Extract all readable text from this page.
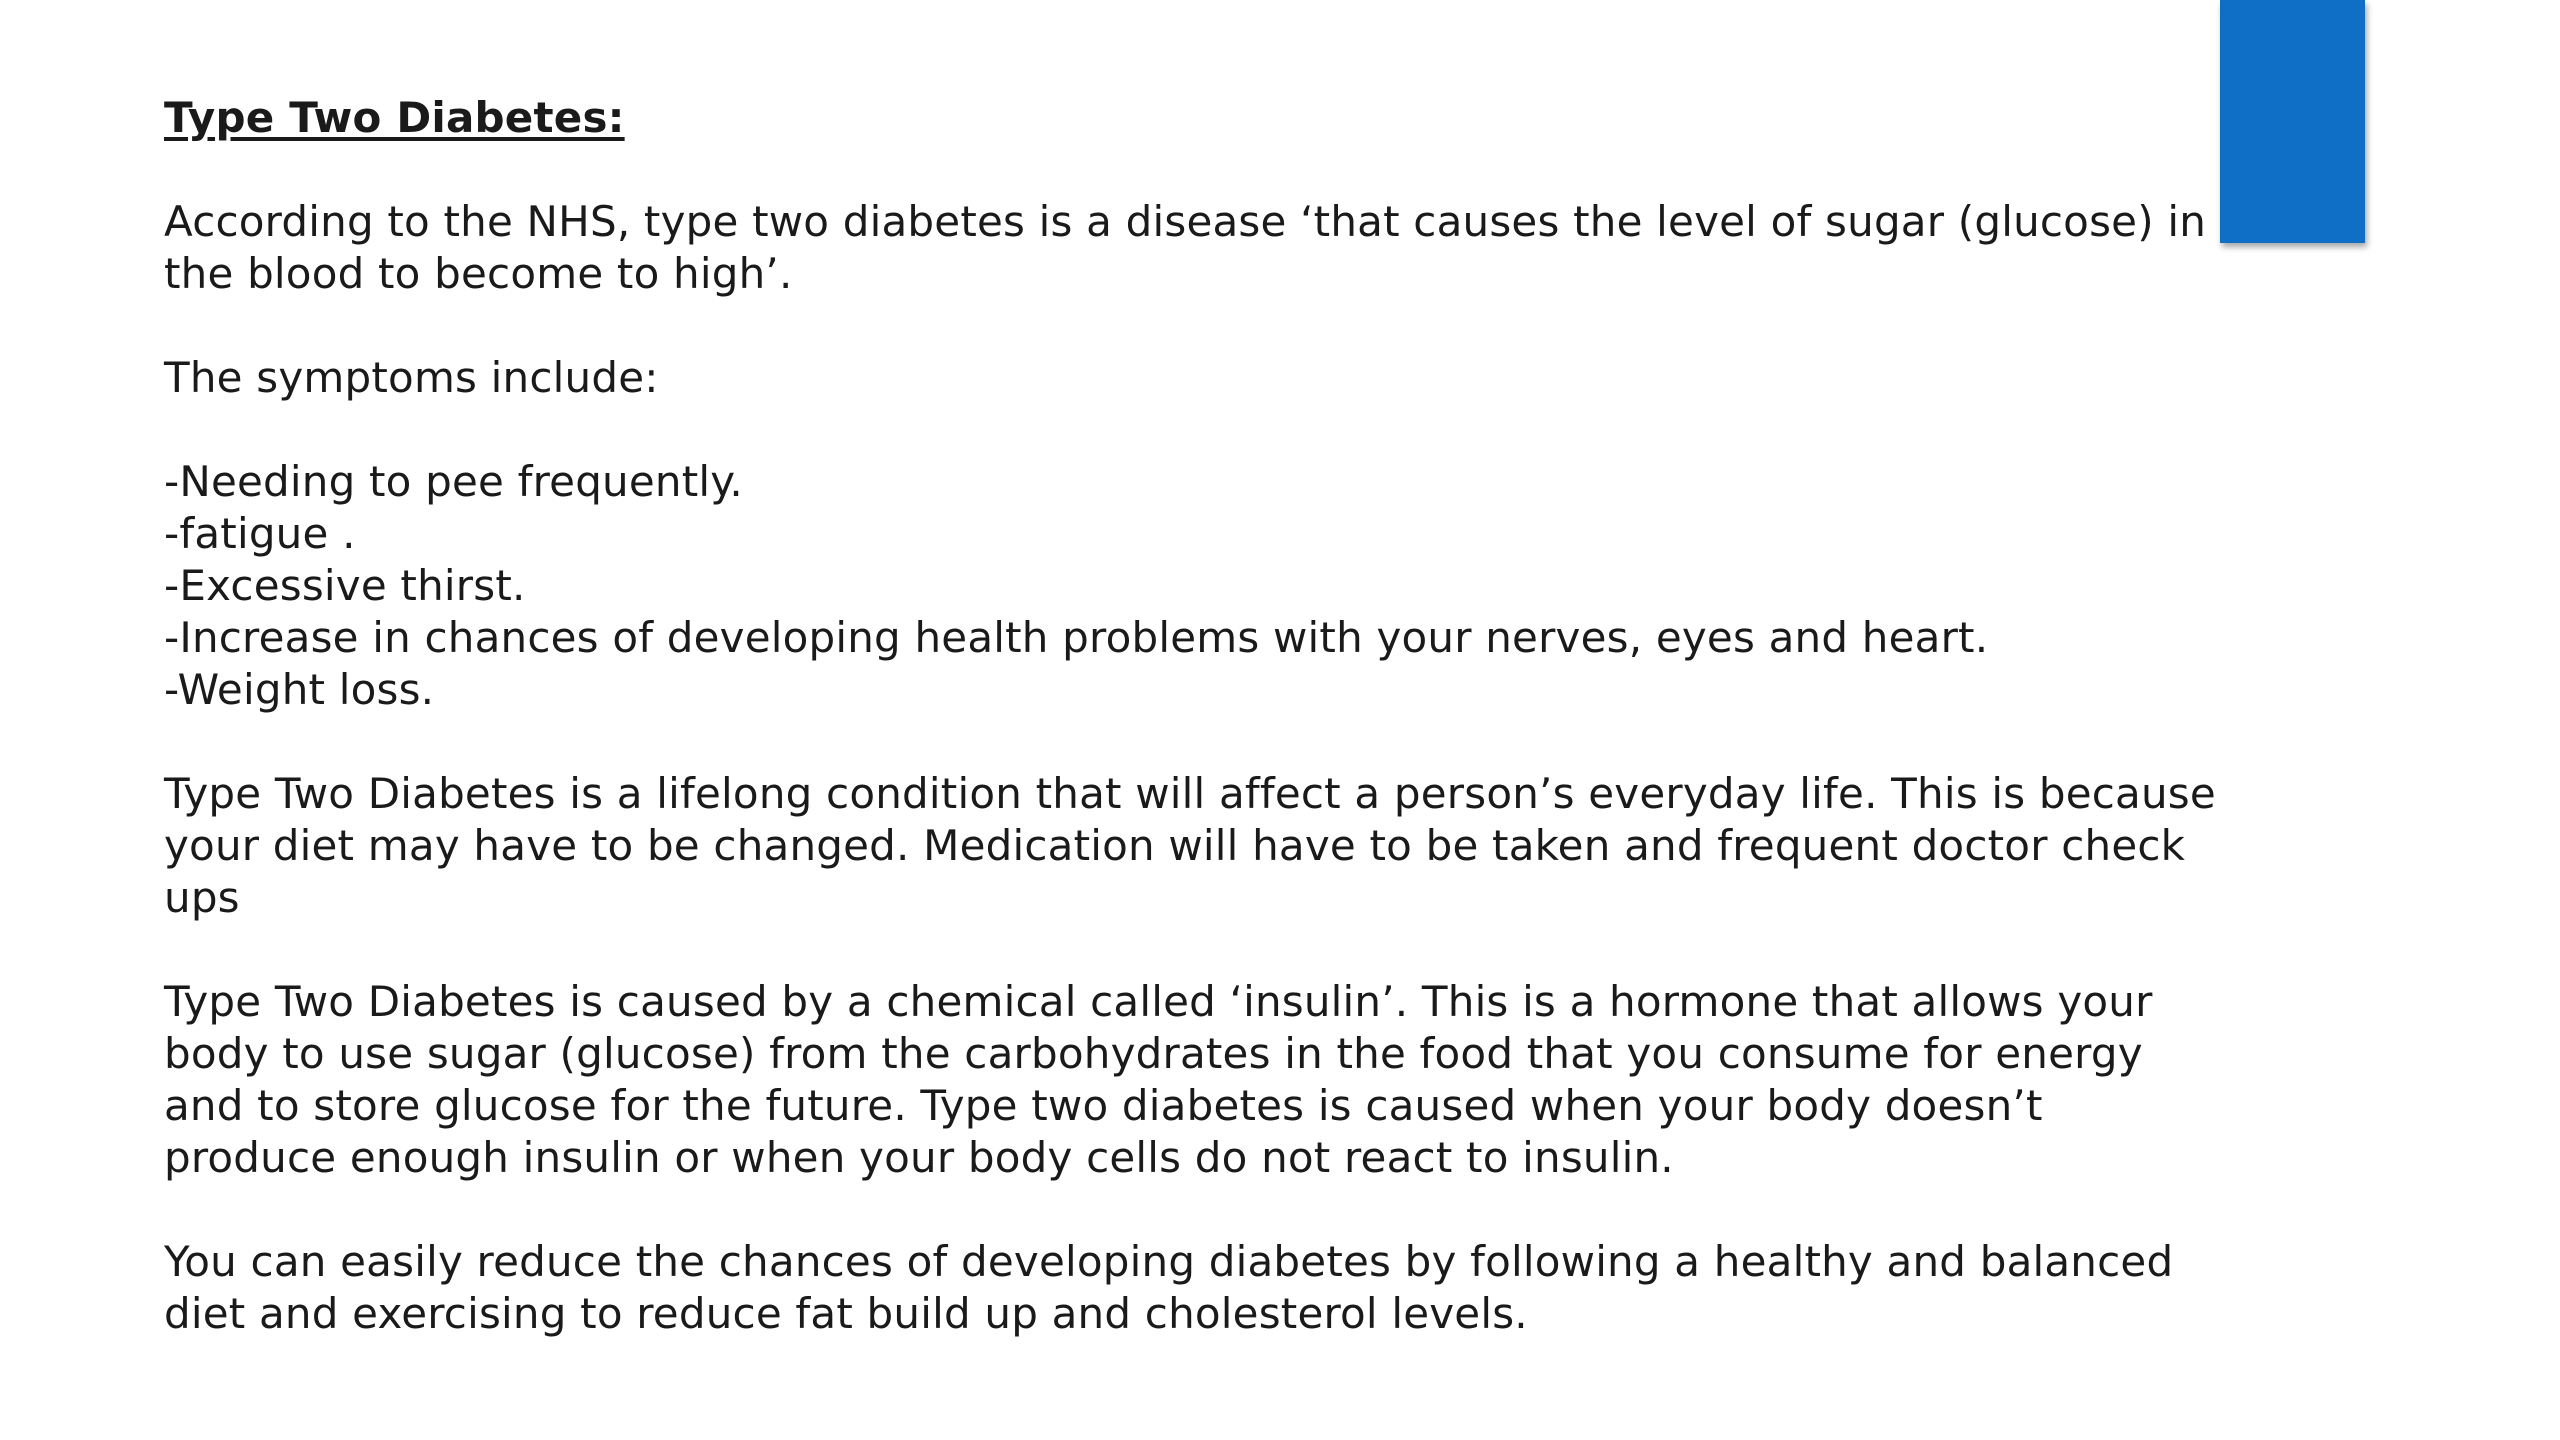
Type Two Diabetes:

According to the NHS, type two diabetes is a disease ‘that causes the level of sugar (glucose) in the blood to become to high’.

The symptoms include:

-Needing to pee frequently.
-fatigue .
-Excessive thirst.
-Increase in chances of developing health problems with your nerves, eyes and heart.
-Weight loss.

Type Two Diabetes is a lifelong condition that will affect a person’s everyday life. This is because your diet may have to be changed. Medication will have to be taken and frequent doctor check ups

Type Two Diabetes is caused by a chemical called ‘insulin’. This is a hormone that allows your body to use sugar (glucose) from the carbohydrates in the food that you consume for energy and to store glucose for the future. Type two diabetes is caused when your body doesn’t produce enough insulin or when your body cells do not react to insulin.

You can easily reduce the chances of developing diabetes by following a healthy and balanced diet and exercising to reduce fat build up and cholesterol levels.
